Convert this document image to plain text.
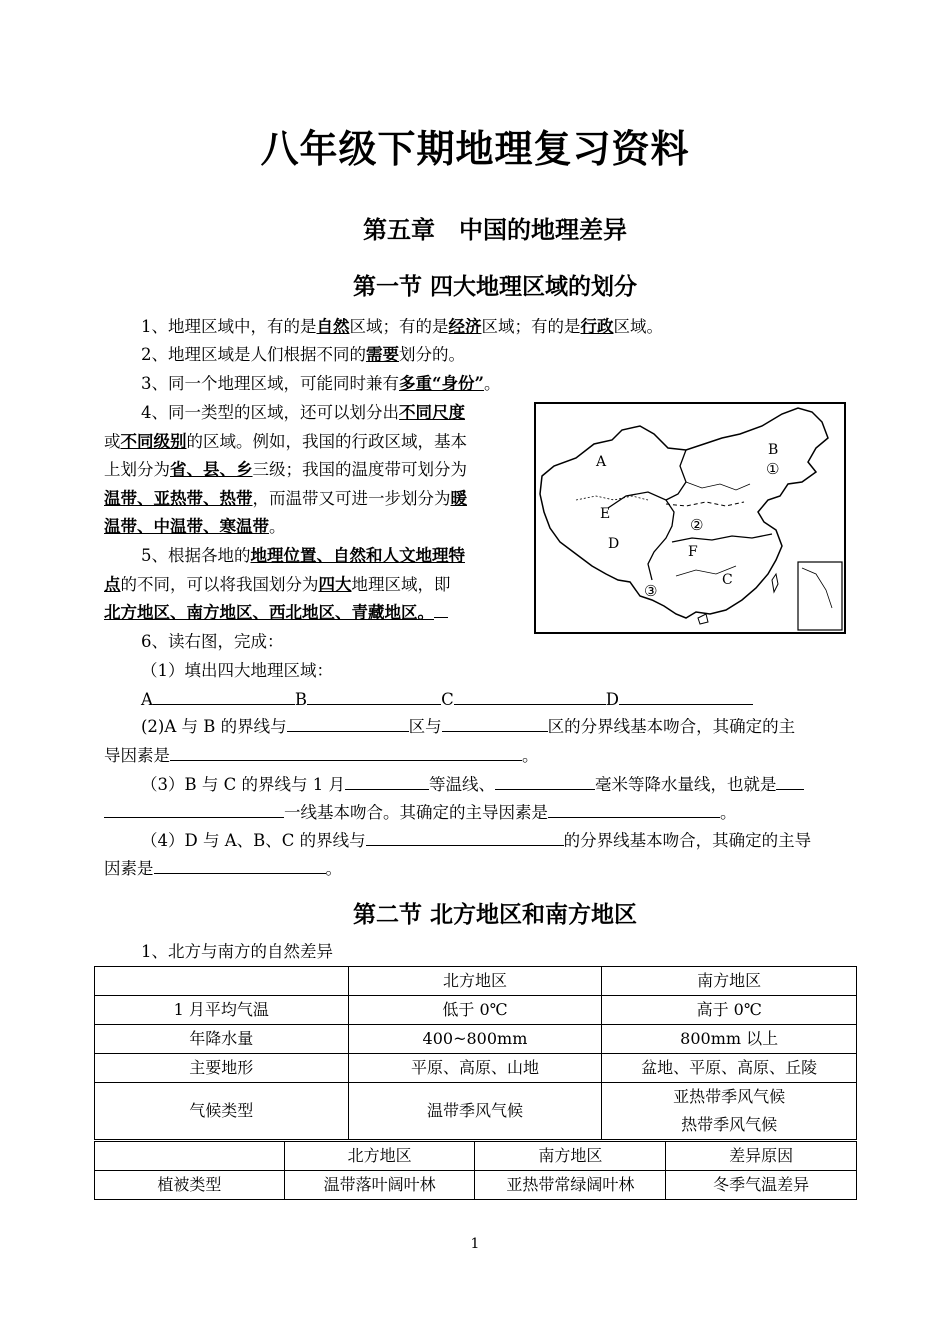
八年级下期地理复习资料
第五章　中国的地理差异
第一节 四大地理区域的划分
1、地理区域中，有的是自然区域；有的是经济区域；有的是行政区域。
2、地理区域是人们根据不同的需要划分的。
3、同一个地理区域，可能同时兼有多重“身份”。
4、同一类型的区域，还可以划分出不同尺度
或不同级别的区域。例如，我国的行政区域，基本
上划分为省、县、乡三级；我国的温度带可划分为
温带、亚热带、热带，而温带又可进一步划分为暖
温带、中温带、寒温带。
5、根据各地的地理位置、自然和人文地理特
点的不同，可以将我国划分为四大地理区域，即
北方地区、南方地区、西北地区、青藏地区。
6、读右图，完成：
（1）填出四大地理区域：
A	B	C	D
(2)A 与 B 的界线与	区与	区的分界线基本吻合，其确定的主
导因素是	。
（3）B 与 C 的界线与 1 月	等温线、	毫米等降水量线，也就是
一线基本吻合。其确定的主导因素是	。
（4）D 与 A、B、C 的界线与	的分界线基本吻合，其确定的主导
因素是	。
A
B
C
D
E
F
①
②
③
第二节 北方地区和南方地区
1、北方与南方的自然差异
	北方地区	南方地区
1 月平均气温	低于 0℃	高于 0℃
年降水量	400~800mm	800mm 以上
主要地形	平原、高原、山地	盆地、平原、高原、丘陵
气候类型	温带季风气候	亚热带季风气候
热带季风气候
	北方地区	南方地区	差异原因
植被类型	温带落叶阔叶林	亚热带常绿阔叶林	冬季气温差异
1
